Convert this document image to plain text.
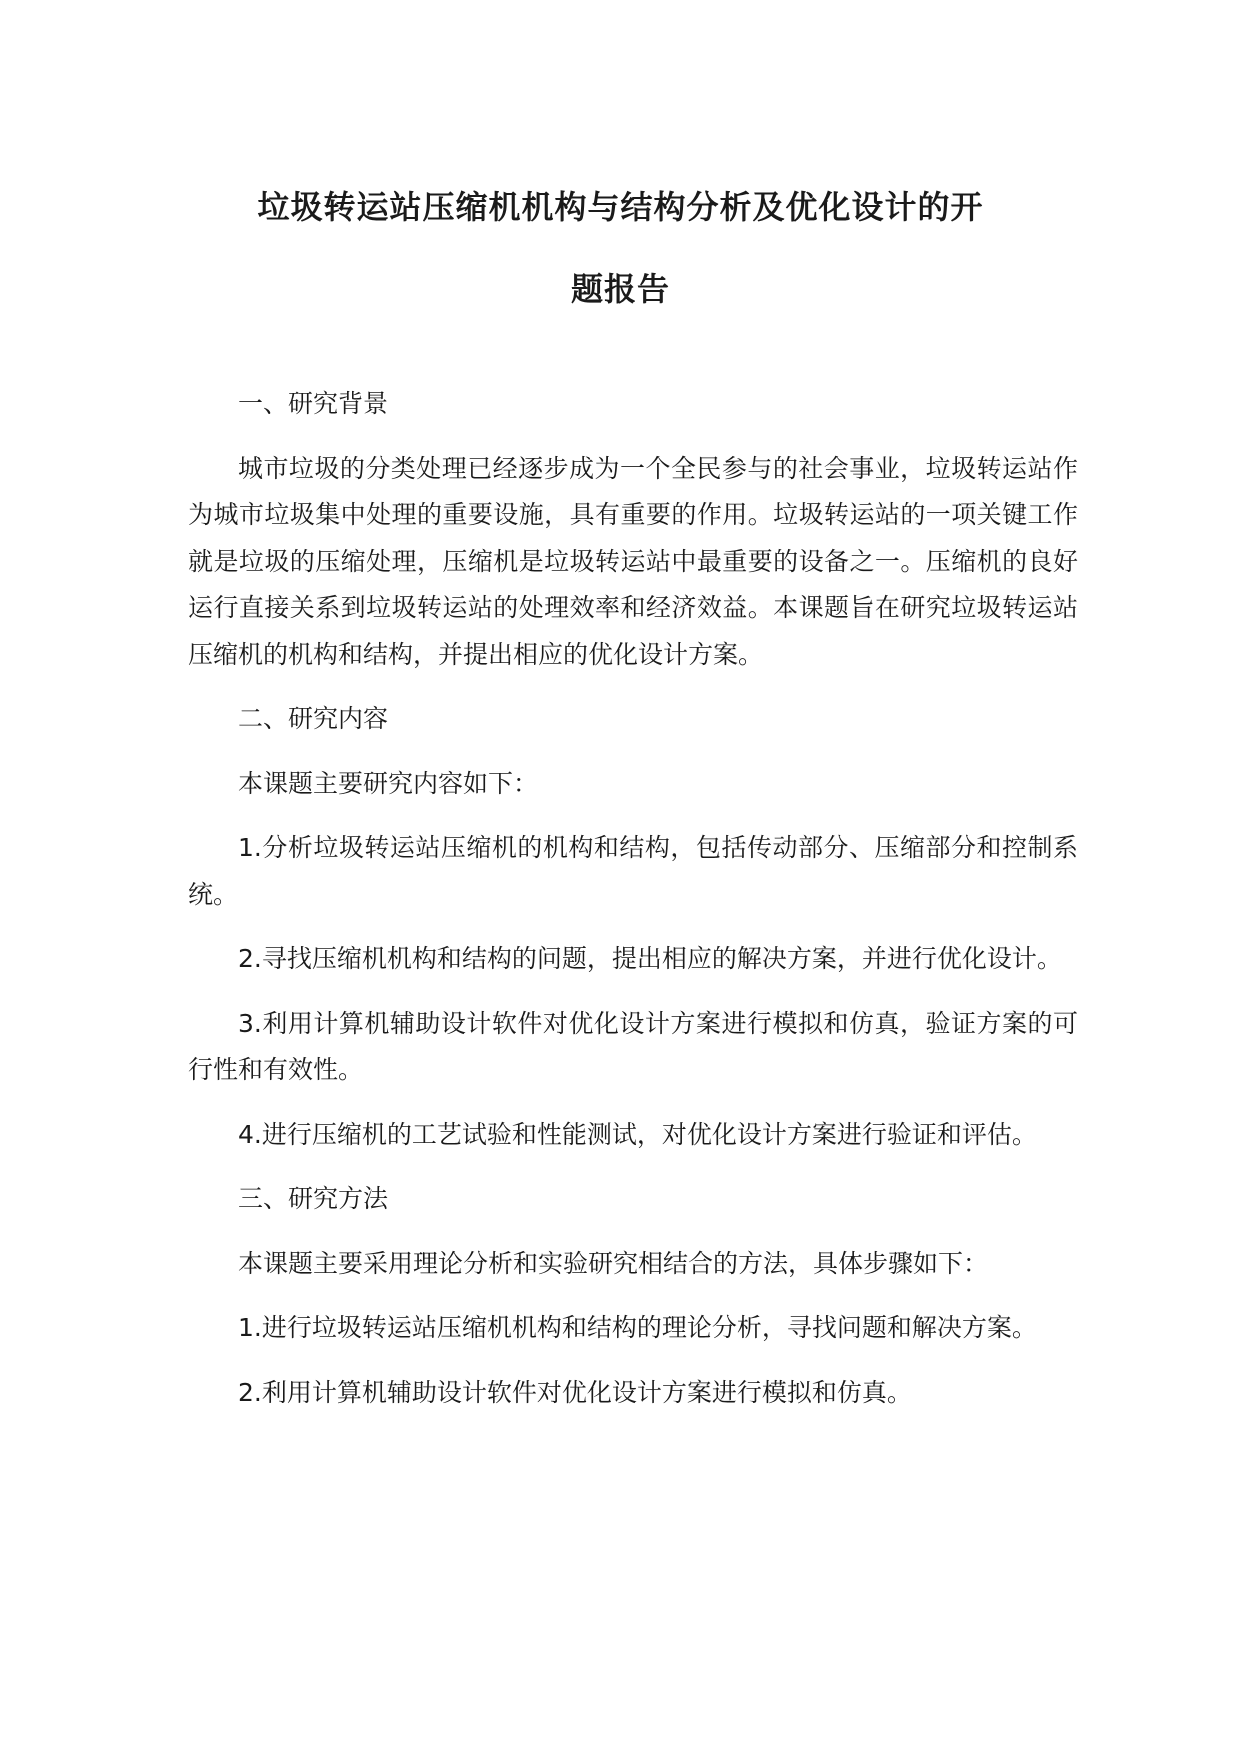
垃圾转运站压缩机机构与结构分析及优化设计的开
题报告

一、研究背景

城市垃圾的分类处理已经逐步成为一个全民参与的社会事业，垃圾转运站作为城市垃圾集中处理的重要设施，具有重要的作用。垃圾转运站的一项关键工作就是垃圾的压缩处理，压缩机是垃圾转运站中最重要的设备之一。压缩机的良好运行直接关系到垃圾转运站的处理效率和经济效益。本课题旨在研究垃圾转运站压缩机的机构和结构，并提出相应的优化设计方案。

二、研究内容

本课题主要研究内容如下：

1.分析垃圾转运站压缩机的机构和结构，包括传动部分、压缩部分和控制系统。

2.寻找压缩机机构和结构的问题，提出相应的解决方案，并进行优化设计。

3.利用计算机辅助设计软件对优化设计方案进行模拟和仿真，验证方案的可行性和有效性。

4.进行压缩机的工艺试验和性能测试，对优化设计方案进行验证和评估。

三、研究方法

本课题主要采用理论分析和实验研究相结合的方法，具体步骤如下：

1.进行垃圾转运站压缩机机构和结构的理论分析，寻找问题和解决方案。

2.利用计算机辅助设计软件对优化设计方案进行模拟和仿真。
